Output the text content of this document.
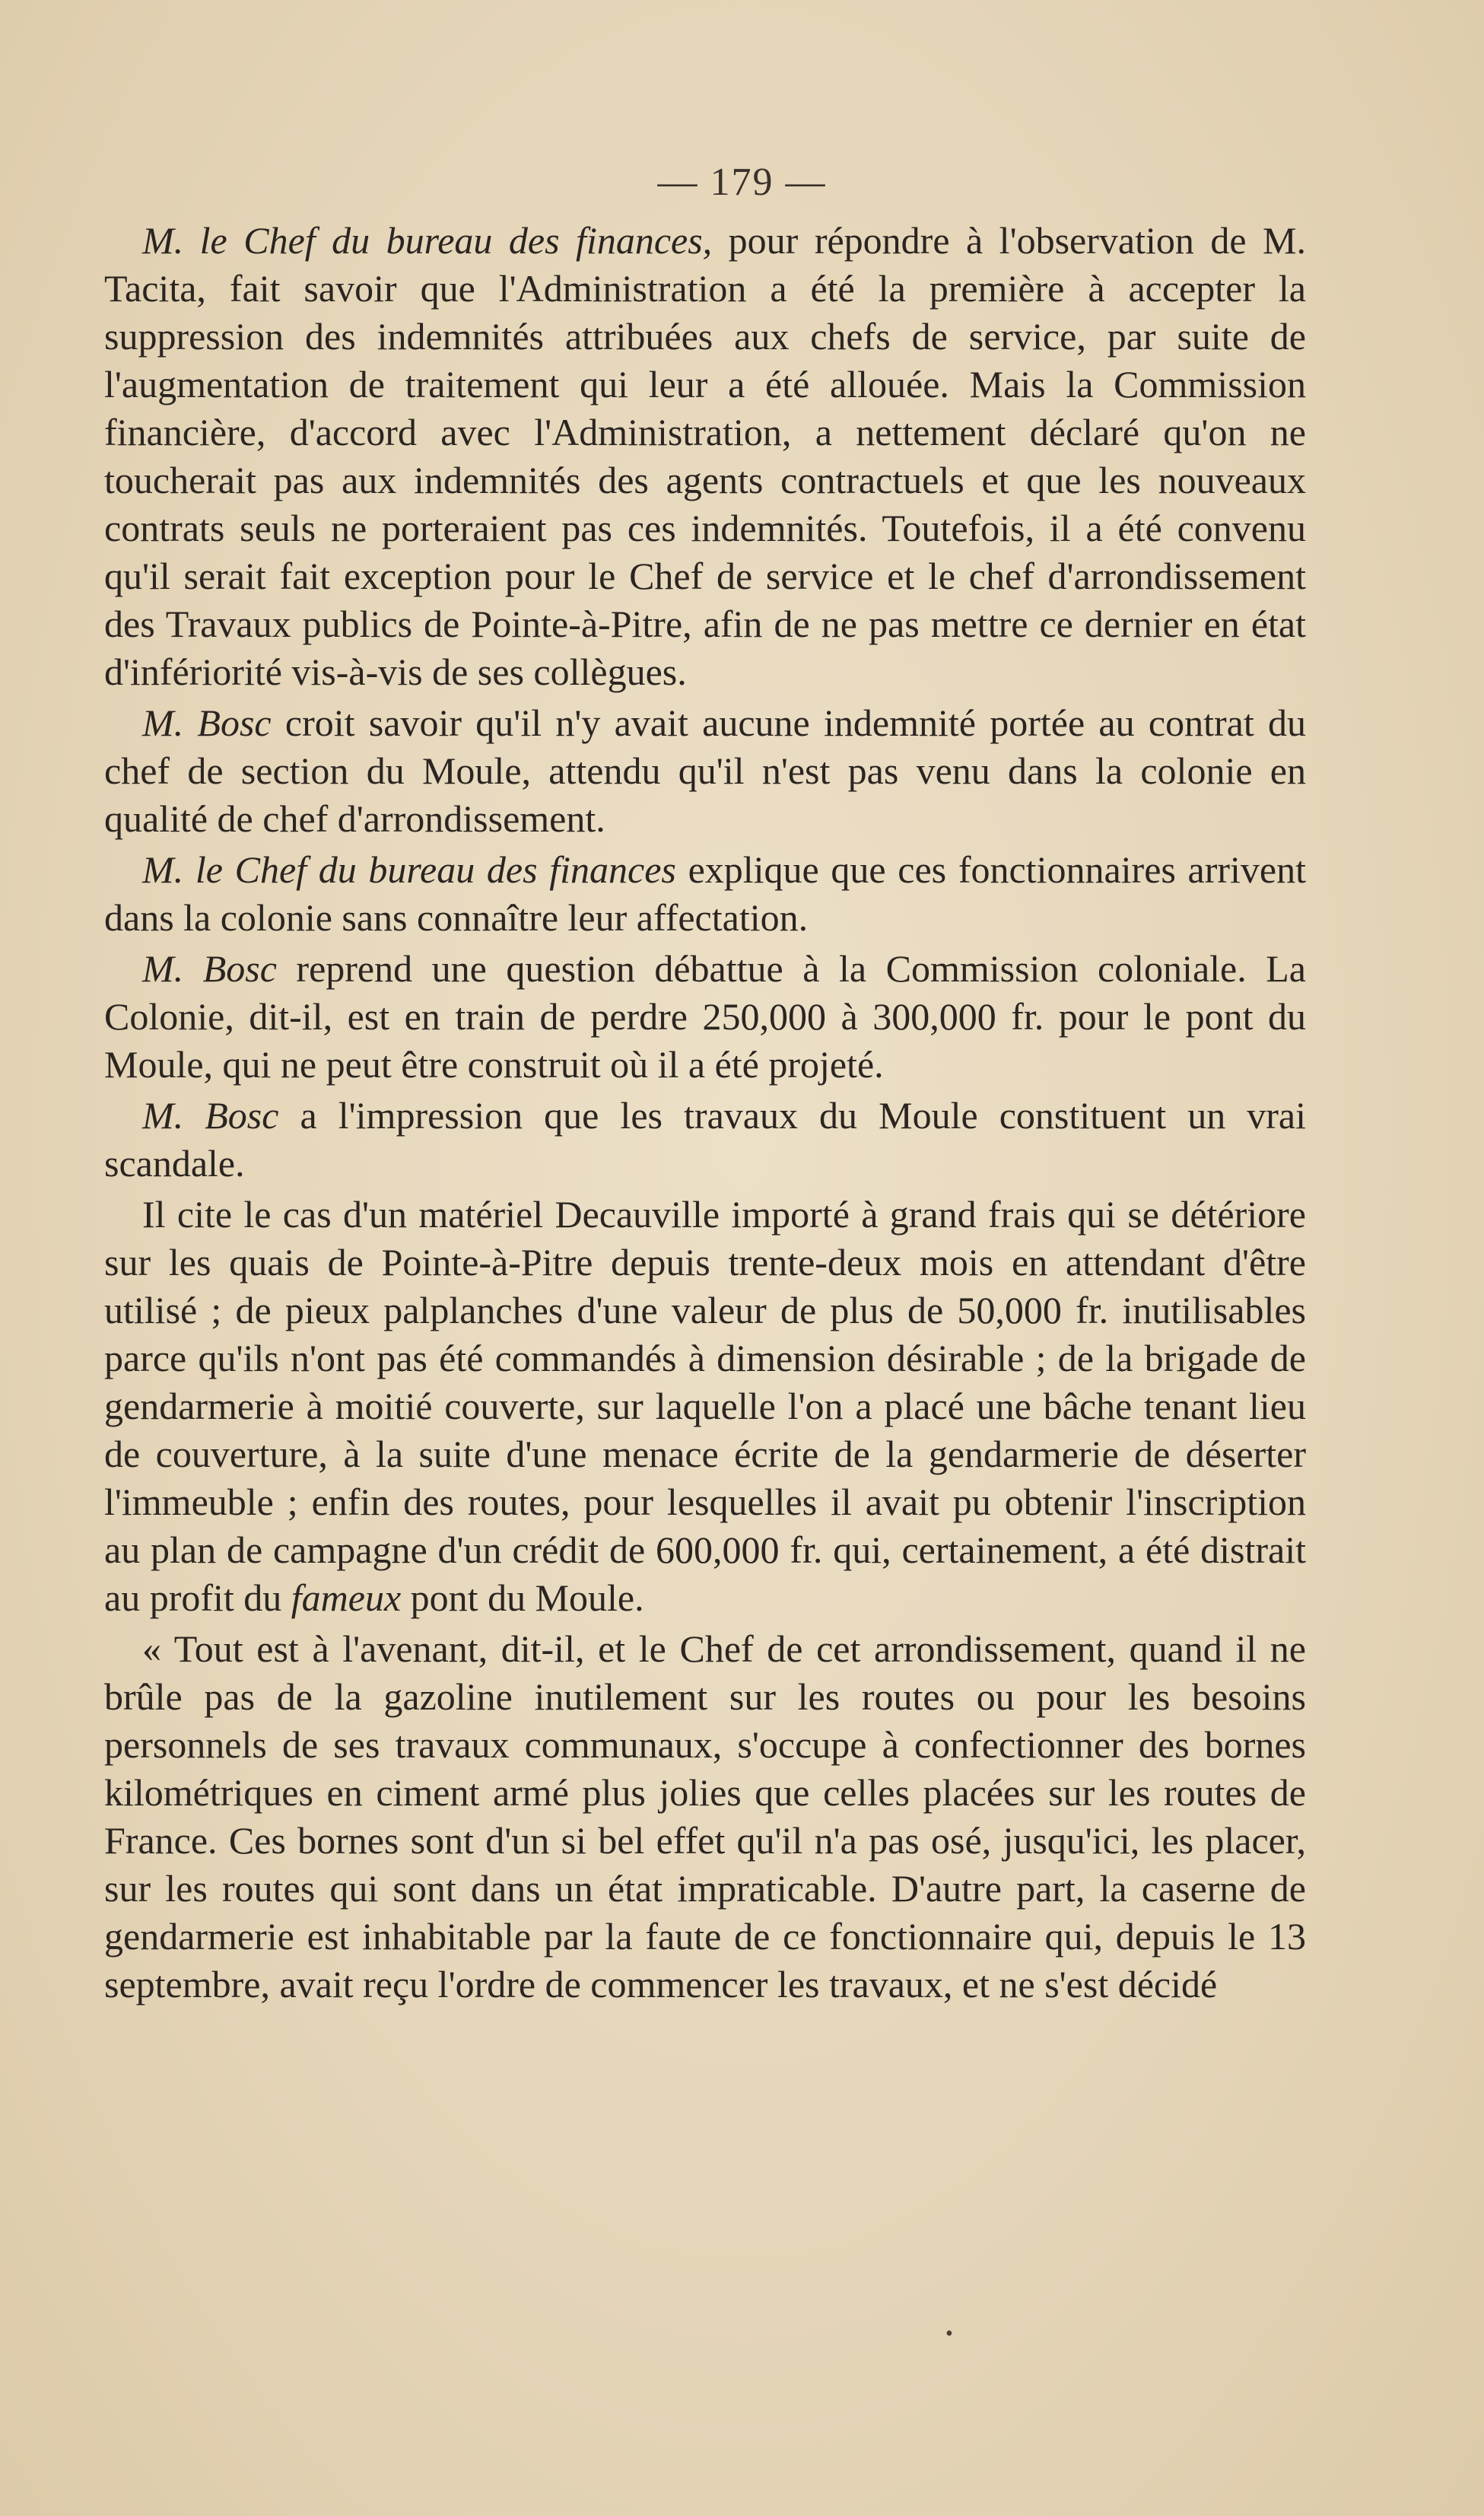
— 179 —

M. le Chef du bureau des finances, pour répondre à l'observation de M. Tacita, fait savoir que l'Administration a été la première à accepter la suppression des indemnités attribuées aux chefs de service, par suite de l'augmentation de traitement qui leur a été allouée. Mais la Commission financière, d'accord avec l'Administration, a nettement déclaré qu'on ne toucherait pas aux indemnités des agents contractuels et que les nouveaux contrats seuls ne porteraient pas ces indemnités. Toutefois, il a été convenu qu'il serait fait exception pour le Chef de service et le chef d'arrondissement des Travaux publics de Pointe-à-Pitre, afin de ne pas mettre ce dernier en état d'infériorité vis-à-vis de ses collègues.

M. Bosc croit savoir qu'il n'y avait aucune indemnité portée au contrat du chef de section du Moule, attendu qu'il n'est pas venu dans la colonie en qualité de chef d'arrondissement.

M. le Chef du bureau des finances explique que ces fonctionnaires arrivent dans la colonie sans connaître leur affectation.

M. Bosc reprend une question débattue à la Commission coloniale. La Colonie, dit-il, est en train de perdre 250,000 à 300,000 fr. pour le pont du Moule, qui ne peut être construit où il a été projeté.

M. Bosc a l'impression que les travaux du Moule constituent un vrai scandale.

Il cite le cas d'un matériel Decauville importé à grand frais qui se détériore sur les quais de Pointe-à-Pitre depuis trente-deux mois en attendant d'être utilisé ; de pieux palplanches d'une valeur de plus de 50,000 fr. inutilisables parce qu'ils n'ont pas été commandés à dimension désirable ; de la brigade de gendarmerie à moitié couverte, sur laquelle l'on a placé une bâche tenant lieu de couverture, à la suite d'une menace écrite de la gendarmerie de déserter l'immeuble ; enfin des routes, pour lesquelles il avait pu obtenir l'inscription au plan de campagne d'un crédit de 600,000 fr. qui, certainement, a été distrait au profit du fameux pont du Moule.

« Tout est à l'avenant, dit-il, et le Chef de cet arrondissement, quand il ne brûle pas de la gazoline inutilement sur les routes ou pour les besoins personnels de ses travaux communaux, s'occupe à confectionner des bornes kilométriques en ciment armé plus jolies que celles placées sur les routes de France. Ces bornes sont d'un si bel effet qu'il n'a pas osé, jusqu'ici, les placer, sur les routes qui sont dans un état impraticable. D'autre part, la caserne de gendarmerie est inhabitable par la faute de ce fonctionnaire qui, depuis le 13 septembre, avait reçu l'ordre de commencer les travaux, et ne s'est décidé

•
